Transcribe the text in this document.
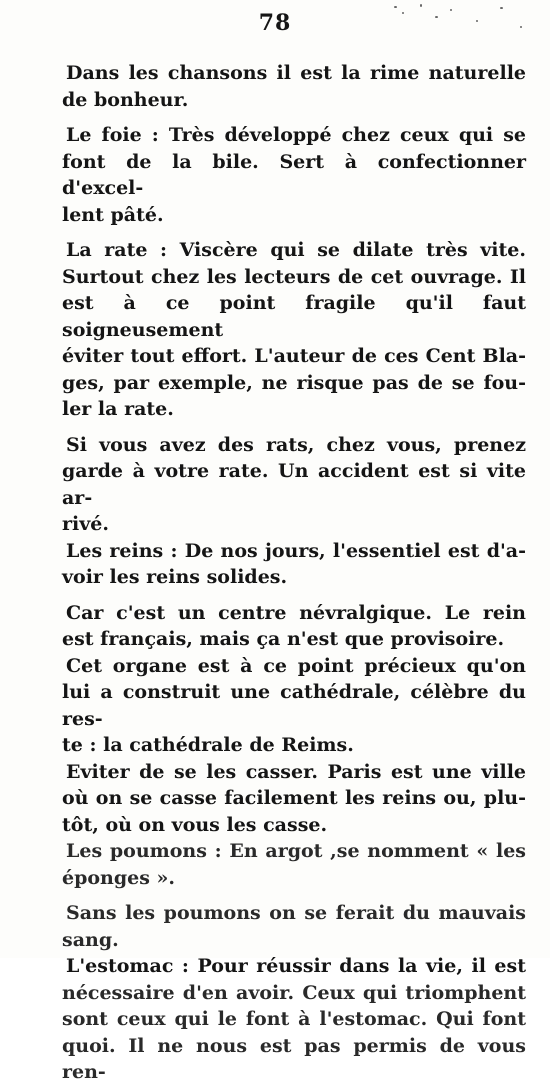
78
Dans les chansons il est la rime naturelle
de bonheur.
Le foie : Très développé chez ceux qui se
font de la bile. Sert à confectionner d'excel-
lent pâté.
La rate : Viscère qui se dilate très vite.
Surtout chez les lecteurs de cet ouvrage. Il
est à ce point fragile qu'il faut soigneusement
éviter tout effort. L'auteur de ces Cent Bla-
ges, par exemple, ne risque pas de se fou-
ler la rate.
Si vous avez des rats, chez vous, prenez
garde à votre rate. Un accident est si vite ar-
rivé.
Les reins : De nos jours, l'essentiel est d'a-
voir les reins solides.
Car c'est un centre névralgique. Le rein
est français, mais ça n'est que provisoire.
Cet organe est à ce point précieux qu'on
lui a construit une cathédrale, célèbre du res-
te : la cathédrale de Reims.
Eviter de se les casser. Paris est une ville
où on se casse facilement les reins ou, plu-
tôt, où on vous les casse.
Les poumons : En argot ,se nomment « les
éponges ».
Sans les poumons on se ferait du mauvais
sang.
L'estomac : Pour réussir dans la vie, il est
nécessaire d'en avoir. Ceux qui triomphent
sont ceux qui le font à l'estomac. Qui font
quoi. Il ne nous est pas permis de vous ren-
